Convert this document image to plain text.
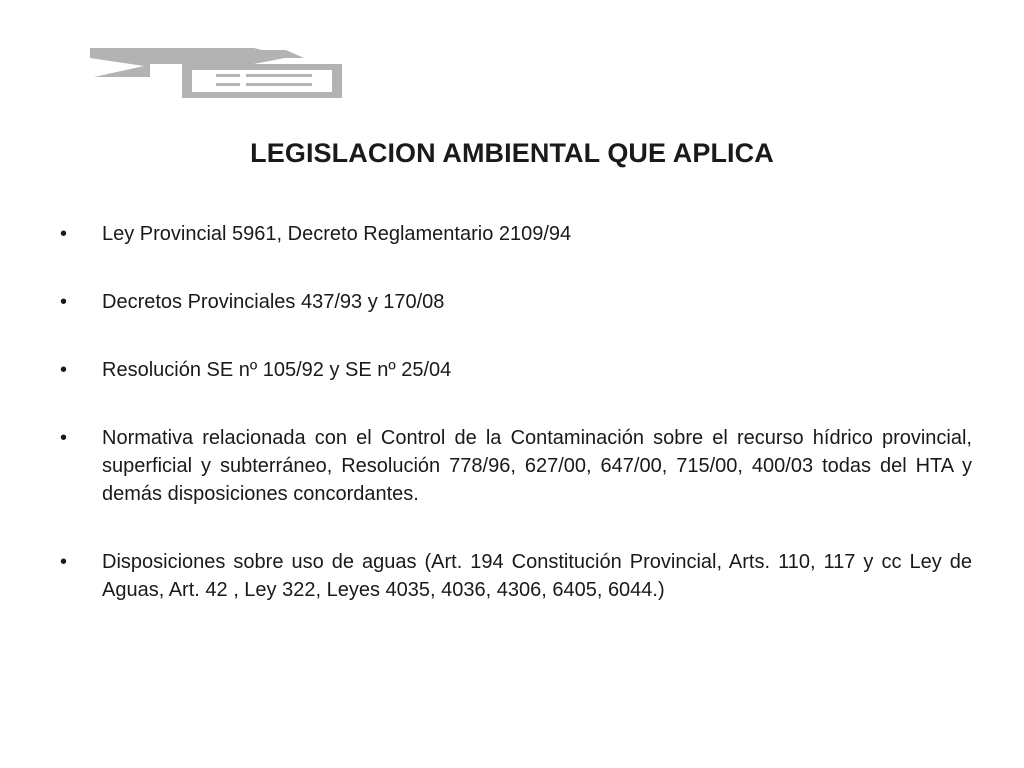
LEGISLACION AMBIENTAL QUE APLICA
•	Ley Provincial 5961, Decreto Reglamentario 2109/94
•	Decretos Provinciales 437/93 y 170/08
•	Resolución SE nº 105/92 y SE nº 25/04
•	Normativa relacionada con el Control de la Contaminación sobre el recurso hídrico provincial, superficial y subterráneo, Resolución 778/96, 627/00, 647/00, 715/00, 400/03 todas del HTA y demás disposiciones concordantes.
•	Disposiciones sobre uso de aguas (Art. 194 Constitución Provincial, Arts. 110, 117 y cc Ley de Aguas, Art. 42 , Ley 322, Leyes 4035, 4036, 4306, 6405, 6044.)
